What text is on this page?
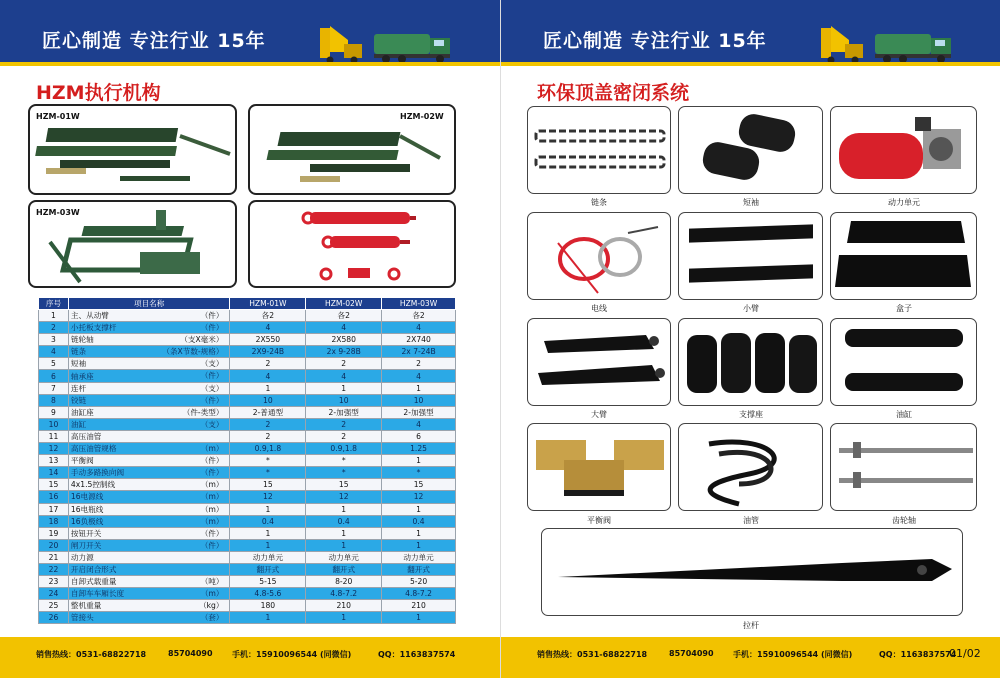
匠心制造 专注行业 15年
HZM执行机构
HZM-01W	HZM-02W
HZM-03W
序号	项目名称	HZM-01W	HZM-02W	HZM-03W
1	主、从动臂 （件）	各2	各2	各2
2	小托板支撑杆 （件）	4	4	4
3	链轮轴 （支X毫米）	2X550	2X580	2X740
4	链条 （条X节数-规格）	2X9-24B	2x 9-28B	2x 7-24B
5	短袖 （支）	2	2	2
6	轴承座 （件）	4	4	4
7	连杆 （支）	1	1	1
8	铰链 （件）	10	10	10
9	油缸座 （件-类型）	2-普通型	2-加强型	2-加强型
10	油缸 （支）	2	2	4
11	高压油管	2	2	6
12	高压油管规格 （m）	0.9,1.8	0.9,1.8	1.25
13	平衡阀 （件）	*	*	1
14	手动多路换向阀 （件）	*	*	*
15	4x1.5控制线 （m）	15	15	15
16	16电源线 （m）	12	12	12
17	16电瓶线 （m）	1	1	1
18	16负极线 （m）	0.4	0.4	0.4
19	按钮开关 （件）	1	1	1
20	闸刀开关 （件）	1	1	1
21	动力源	动力单元	动力单元	动力单元
22	开启闭合形式	翻开式	翻开式	翻开式
23	自卸式载重量 （吨）	5-15	8-20	5-20
24	自卸车车厢长度 （m）	4.8-5.6	4.8-7.2	4.8-7.2
25	整机重量 （kg）	180	210	210
26	管接头 （套）	1	1	1
销售热线：0531-68822718	85704090 手机：15910096544 (同微信)	QQ：1163837574
匠心制造 专注行业 15年
环保顶盖密闭系统
链条	短袖	动力单元
电线	小臂	盒子
大臂	支撑座	油缸
平衡阀	油管	齿轮轴
拉杆
销售热线：0531-68822718	85704090 手机：15910096544 (同微信)	QQ：1163837574
01/02
